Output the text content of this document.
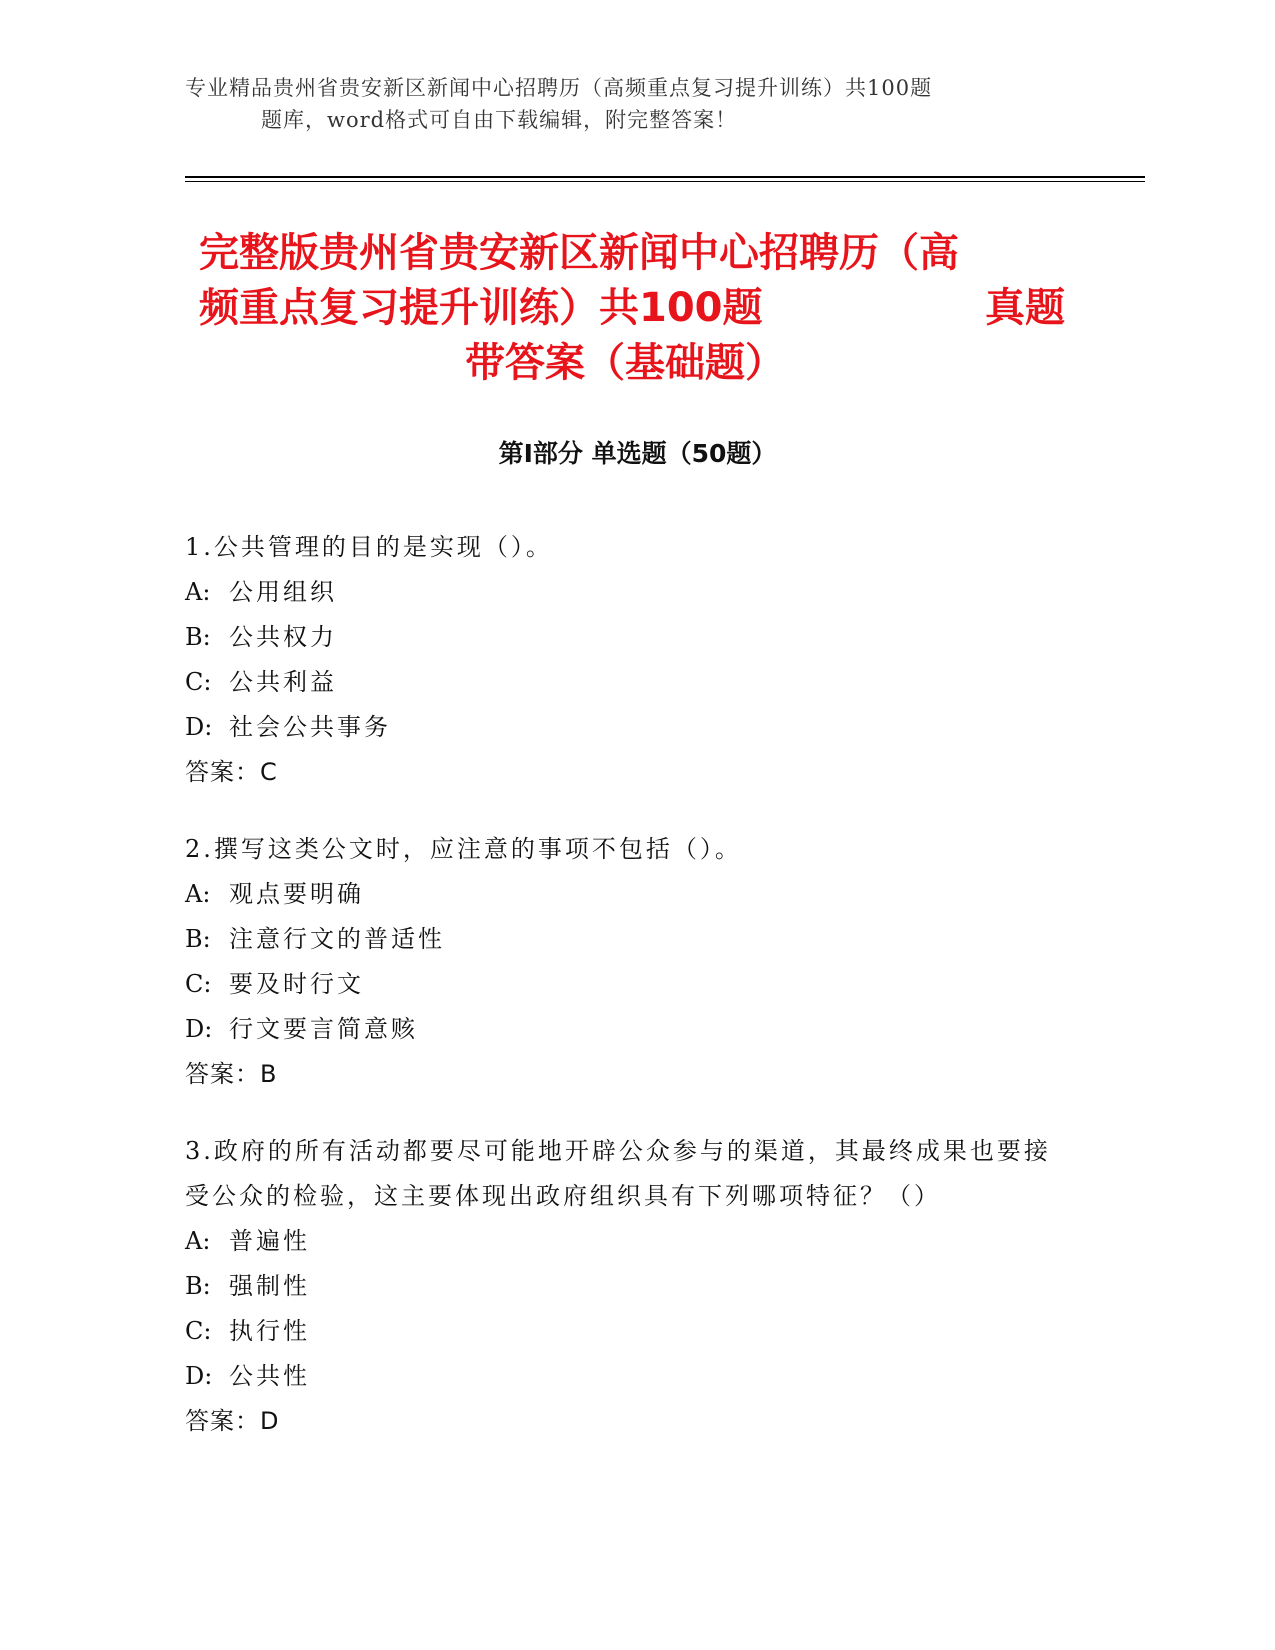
专业精品贵州省贵安新区新闻中心招聘历（高频重点复习提升训练）共100题
题库，word格式可自由下载编辑，附完整答案！
完整版贵州省贵安新区新闻中心招聘历（高
频重点复习提升训练）共100题	真题
带答案（基础题）
第Ⅰ部分 单选题（50题）
1.公共管理的目的是实现（）。
A: 公用组织
B: 公共权力
C: 公共利益
D: 社会公共事务
答案：C
2.撰写这类公文时，应注意的事项不包括（）。
A: 观点要明确
B: 注意行文的普适性
C: 要及时行文
D: 行文要言简意赅
答案：B
3.政府的所有活动都要尽可能地开辟公众参与的渠道，其最终成果也要接受公众的检验，这主要体现出政府组织具有下列哪项特征？（）
A: 普遍性
B: 强制性
C: 执行性
D: 公共性
答案：D
